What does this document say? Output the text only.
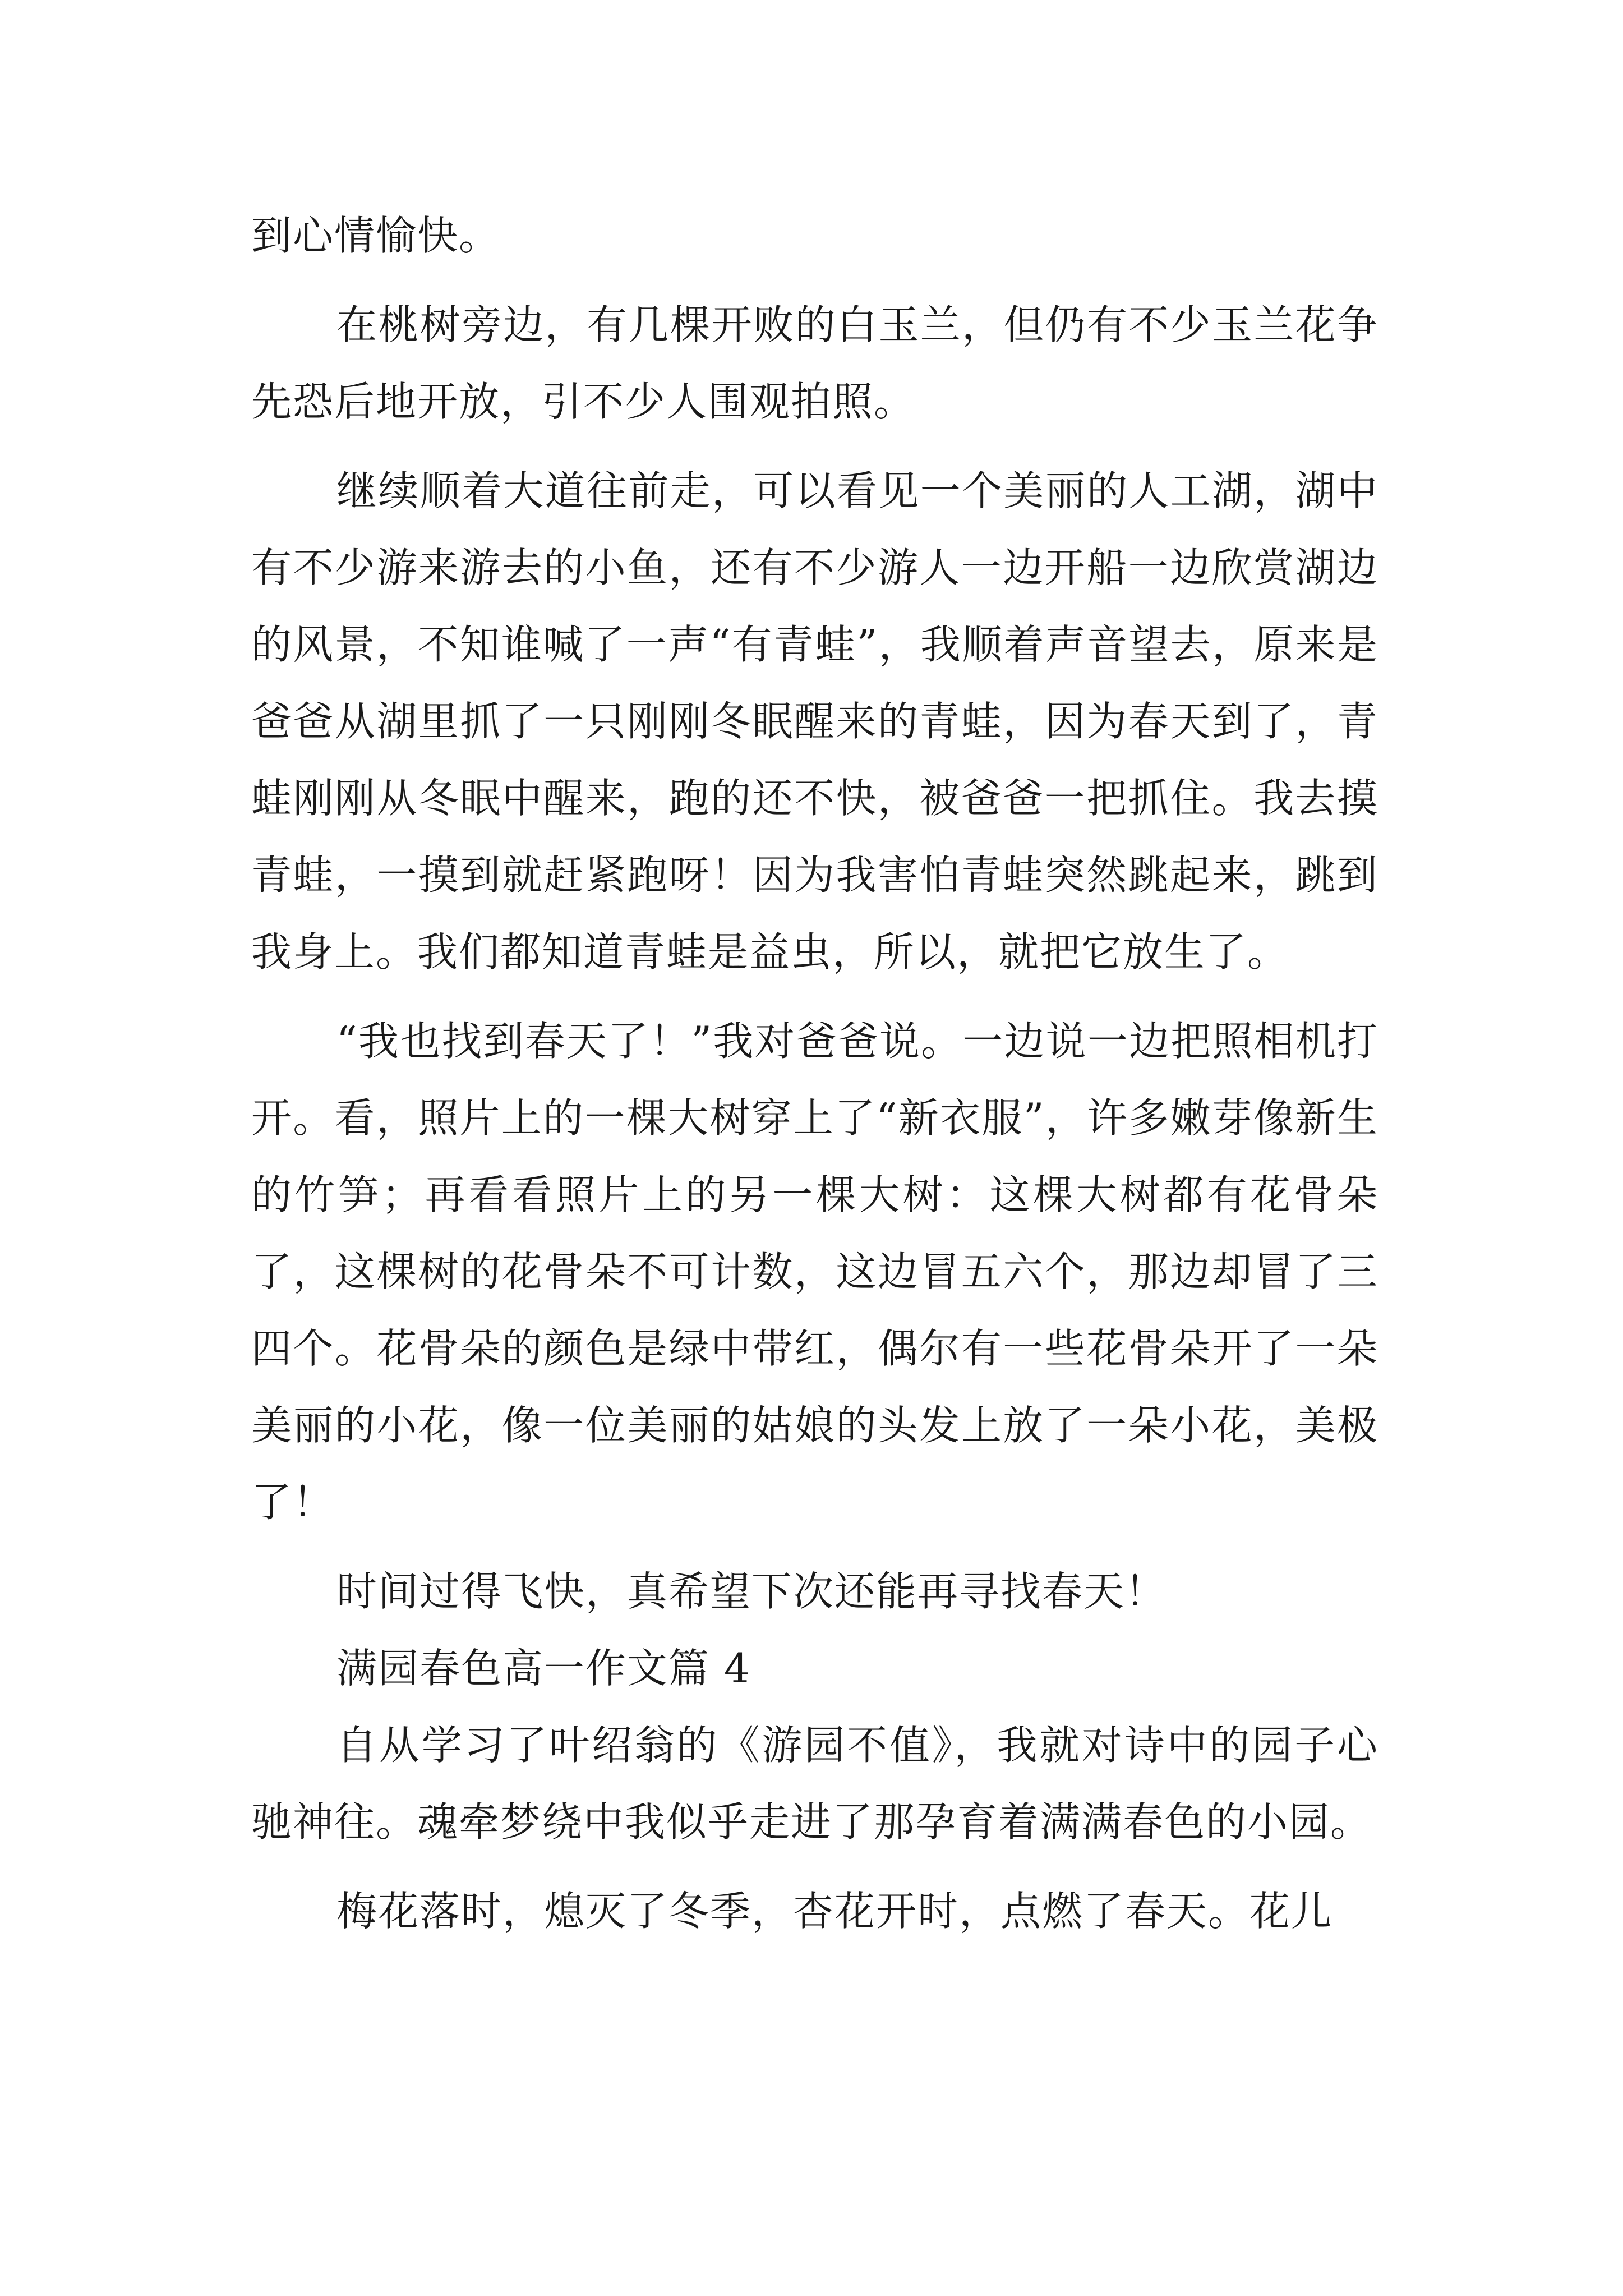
到心情愉快。

在桃树旁边，有几棵开败的白玉兰，但仍有不少玉兰花争先恐后地开放，引不少人围观拍照。

继续顺着大道往前走，可以看见一个美丽的人工湖，湖中有不少游来游去的小鱼，还有不少游人一边开船一边欣赏湖边的风景，不知谁喊了一声“有青蛙”，我顺着声音望去，原来是爸爸从湖里抓了一只刚刚冬眠醒来的青蛙，因为春天到了，青蛙刚刚从冬眠中醒来，跑的还不快，被爸爸一把抓住。我去摸青蛙，一摸到就赶紧跑呀！因为我害怕青蛙突然跳起来，跳到我身上。我们都知道青蛙是益虫，所以，就把它放生了。

“我也找到春天了！”我对爸爸说。一边说一边把照相机打开。看，照片上的一棵大树穿上了“新衣服”，许多嫩芽像新生的竹笋；再看看照片上的另一棵大树：这棵大树都有花骨朵了，这棵树的花骨朵不可计数，这边冒五六个，那边却冒了三四个。花骨朵的颜色是绿中带红，偶尔有一些花骨朵开了一朵美丽的小花，像一位美丽的姑娘的头发上放了一朵小花，美极了！

时间过得飞快，真希望下次还能再寻找春天！

满园春色高一作文篇 4

自从学习了叶绍翁的《游园不值》，我就对诗中的园子心驰神往。魂牵梦绕中我似乎走进了那孕育着满满春色的小园。

梅花落时，熄灭了冬季，杏花开时，点燃了春天。花儿
